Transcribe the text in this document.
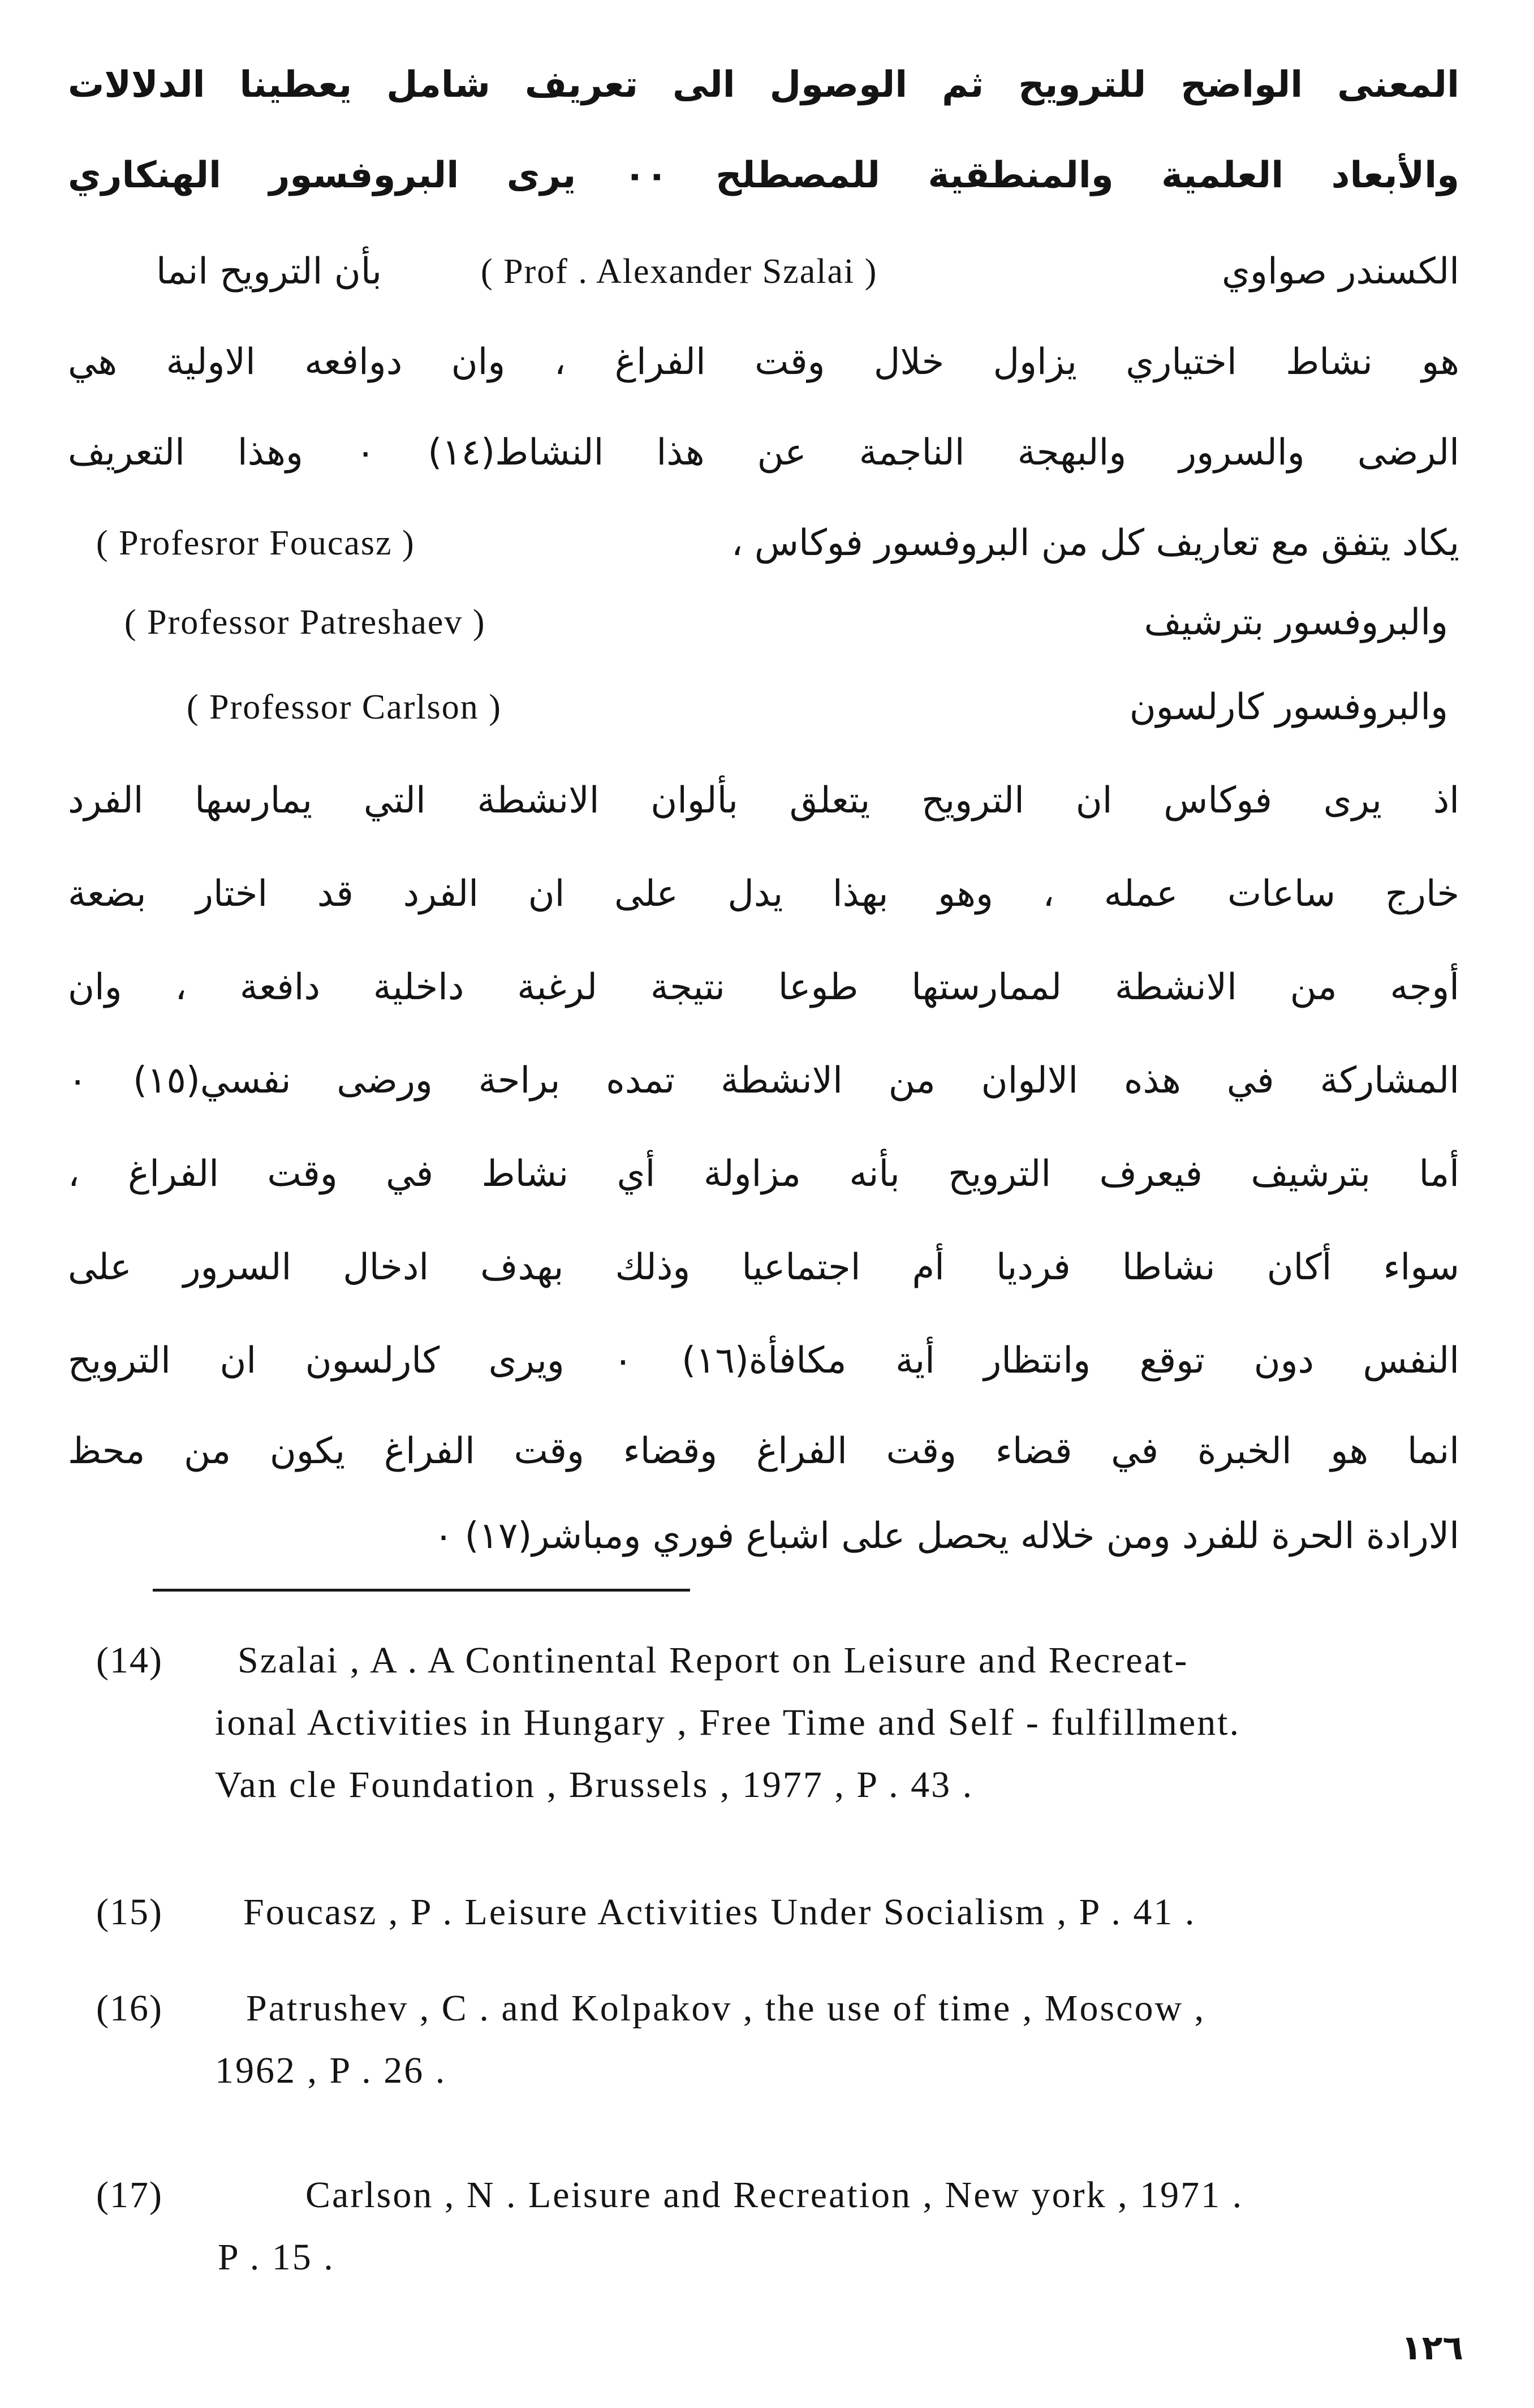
المعنى الواضح للترويح ثم الوصول الى تعريف شامل يعطينا الدلالات
والأبعاد العلمية والمنطقية للمصطلح ٠٠ يرى البروفسور الهنكاري
الكسندر صواوي
( Prof . Alexander Szalai )
بأن الترويح انما
هو نشاط اختياري يزاول خلال وقت الفراغ ، وان دوافعه الاولية هي
الرضى والسرور والبهجة الناجمة عن هذا النشاط(١٤) ٠ وهذا التعريف
يكاد يتفق مع تعاريف كل من البروفسور فوكاس ،
( Profesror Foucasz )
والبروفسور بترشيف
( Professor Patreshaev )
والبروفسور كارلسون
( Professor Carlson )
اذ يرى فوكاس ان الترويح يتعلق بألوان الانشطة التي يمارسها الفرد
خارج ساعات عمله ، وهو بهذا يدل على ان الفرد قد اختار بضعة
أوجه من الانشطة لممارستها طوعا نتيجة لرغبة داخلية دافعة ، وان
المشاركة في هذه الالوان من الانشطة تمده براحة ورضى نفسي(١٥) ٠
أما بترشيف فيعرف الترويح بأنه مزاولة أي نشاط في وقت الفراغ ،
سواء أكان نشاطا فرديا أم اجتماعيا وذلك بهدف ادخال السرور على
النفس دون توقع وانتظار أية مكافأة(١٦) ٠ ويرى كارلسون ان الترويح
انما هو الخبرة في قضاء وقت الفراغ وقضاء وقت الفراغ يكون من محظ
الارادة الحرة للفرد ومن خلاله يحصل على اشباع فوري ومباشر(١٧) ٠
(14) Szalai , A . A Continental Report on Leisure and Recreat-
ional Activities in Hungary , Free Time and Self - fulfillment.
Van cle Foundation , Brussels , 1977 , P . 43 .
(15) Foucasz , P . Leisure Activities Under Socialism , P . 41 .
(16) Patrushev , C . and Kolpakov , the use of time , Moscow ,
1962 , P . 26 .
(17)	Carlson , N . Leisure and Recreation , New york , 1971 .
P . 15 .
١٢٦
